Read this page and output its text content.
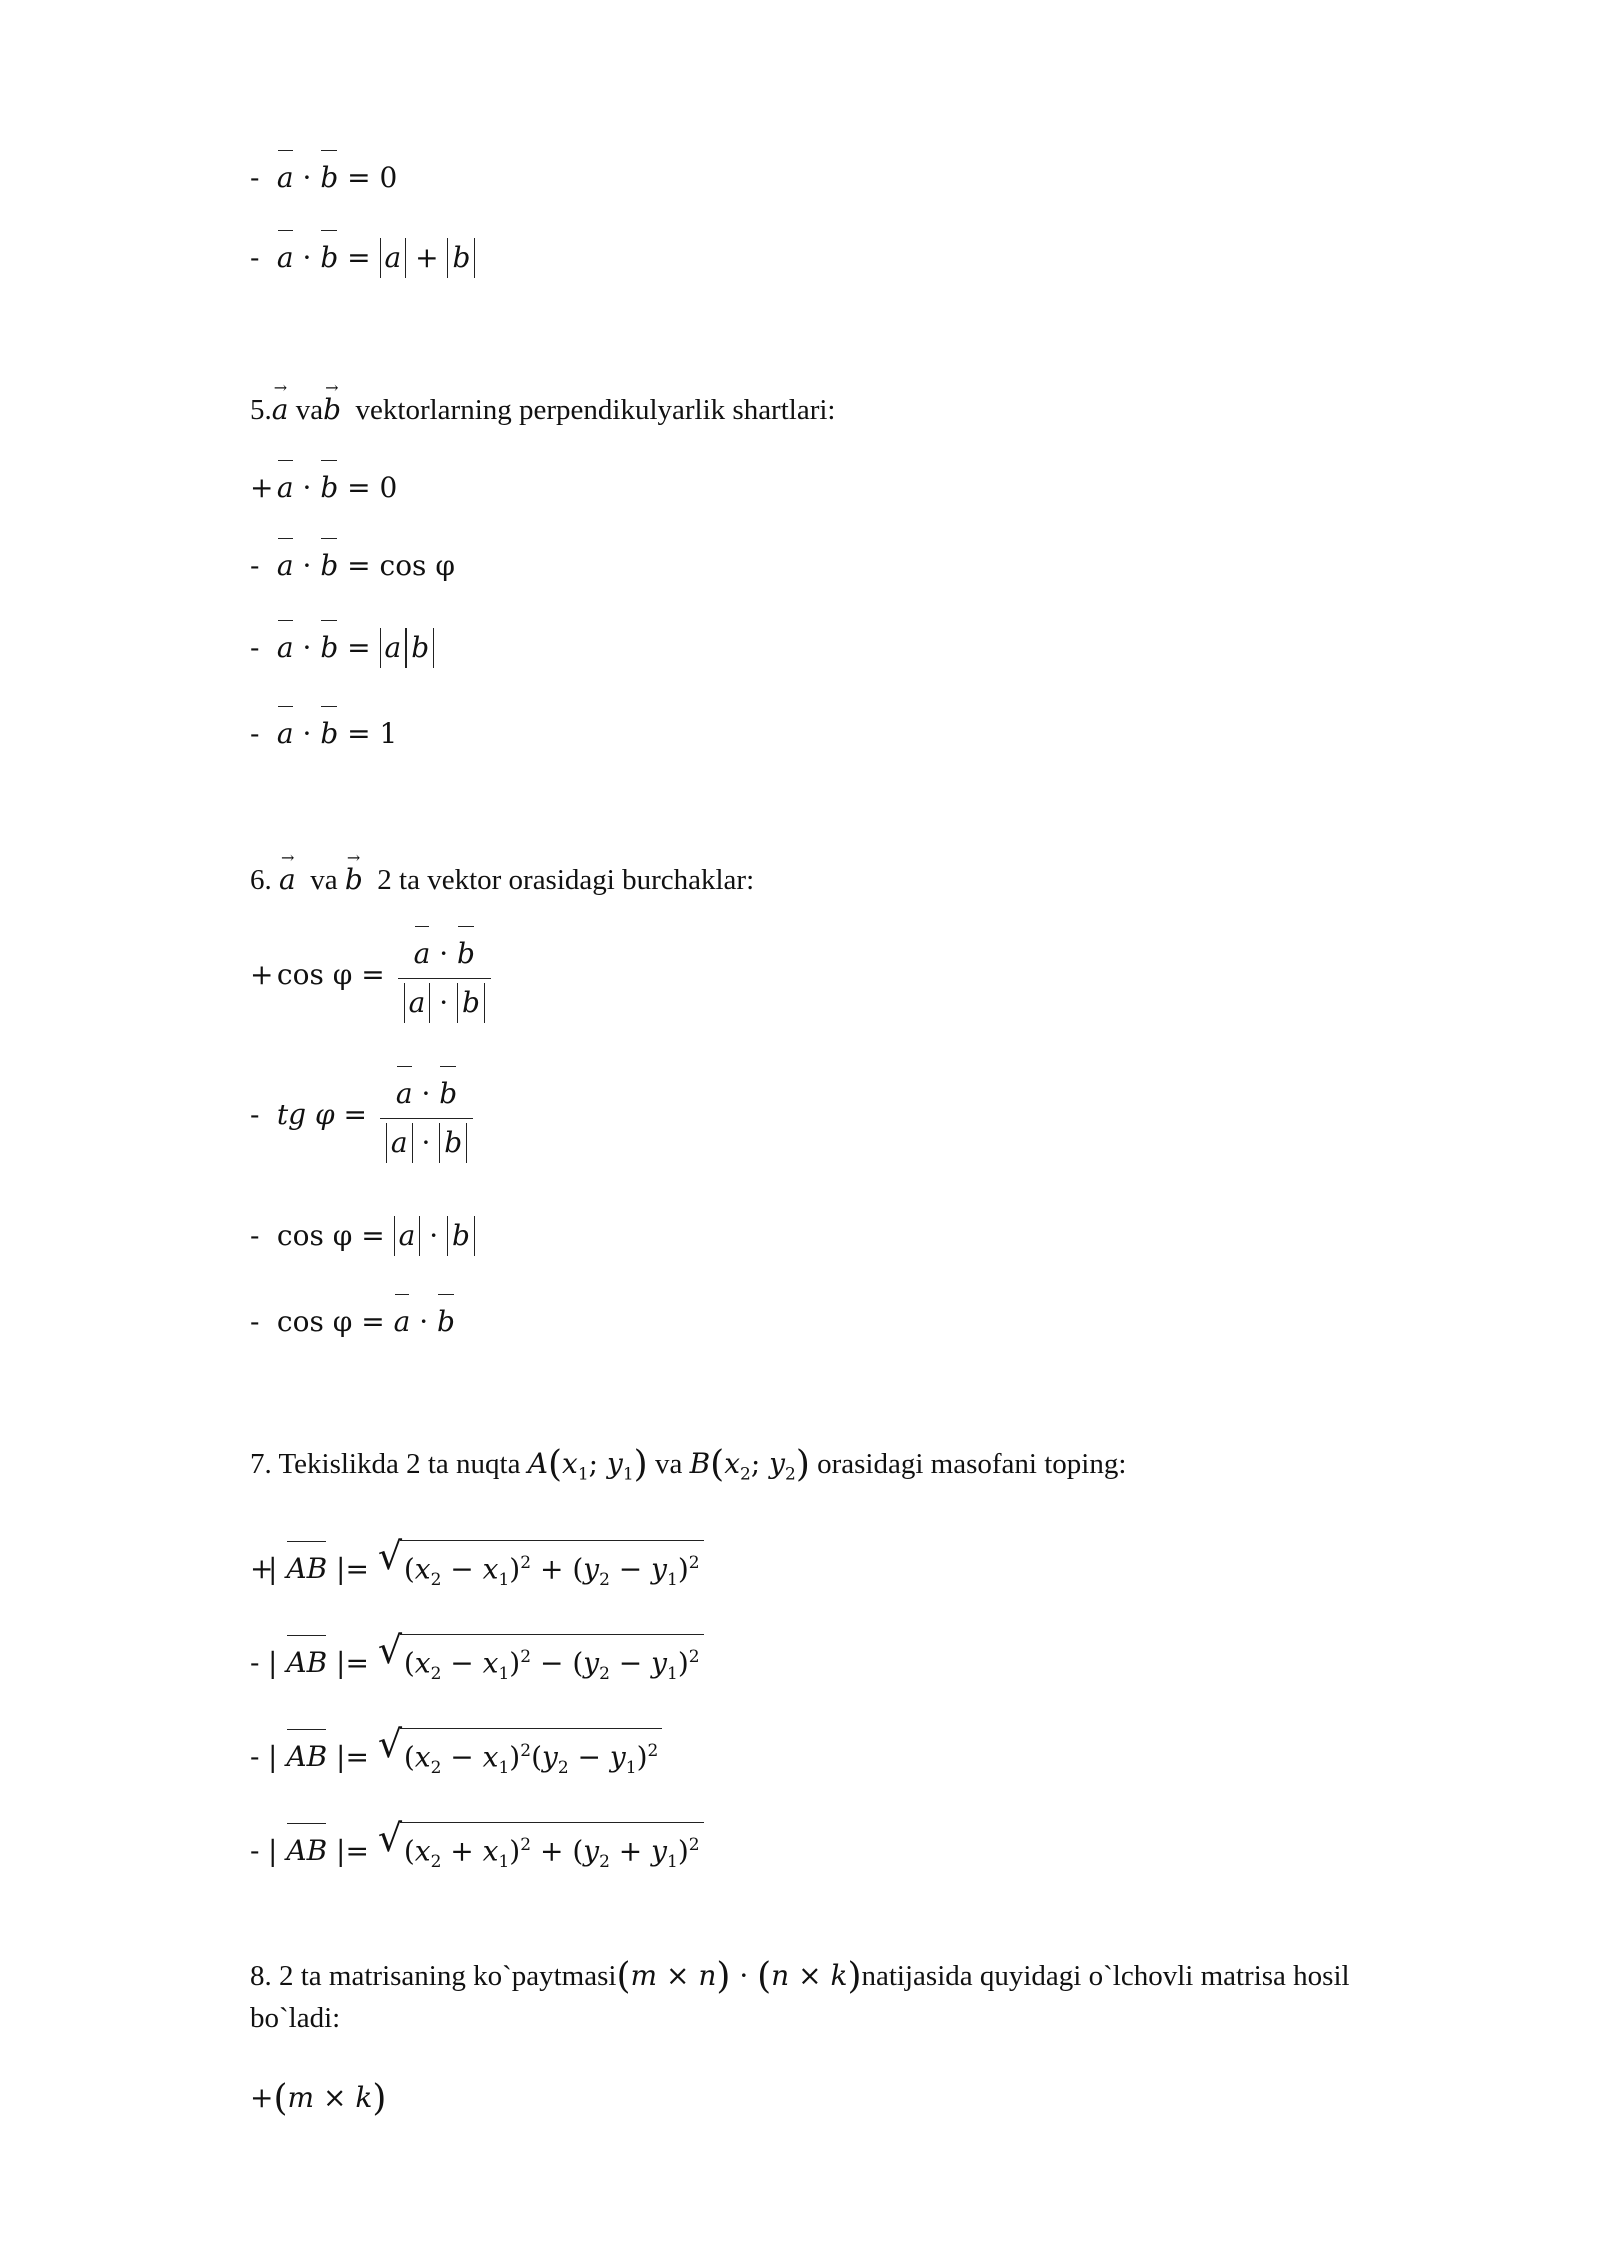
- a · b = 0
- a · b = a + b
5.→ a va→ b vektorlarning perpendikulyarlik shartlari:
+ a · b = 0
- a · b = cos φ
- a · b = a b
- a · b = 1
6. → a va → b 2 ta vektor orasidagi burchaklar:
+ $\cos \varphi = \frac{a \cdot b}{a \cdot b}$
- tg $\varphi = \frac{a \cdot b}{a \cdot b}$
- cos φ = a · b
- cos φ = a · b
7. Tekislikda 2 ta nuqta $A(x_1$; $y_1$) va $B(x_2$; $y_2$) orasidagi masofani toping:
+| AB |= √ $(x_2 - x_1)^2 + (y_2 - y_1)^2$
- | AB |= √ $(x_2 - x_1)^2 - (y_2 - y_1)^2$
- | AB |= √ $(x_2 - x_1)^2(y_2 - y_1)^2$
- | AB |= √ $(x_2 + x_1)^2 + (y_2 + y_1)^2$
8. 2 ta matrisaning ko`paytmasi(m × n) · (n × k)natijasida quyidagi o`lchovli matrisa hosil
bo`ladi:
+(m × k)
